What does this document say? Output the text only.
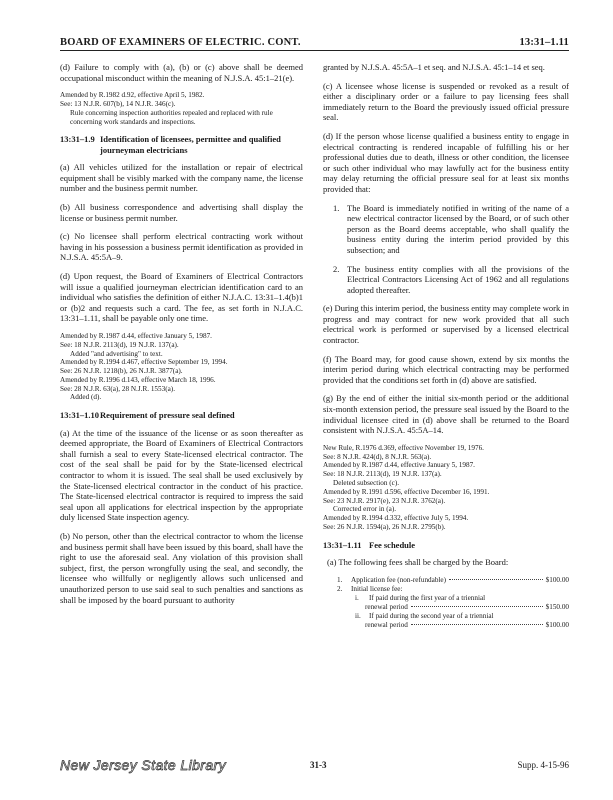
BOARD OF EXAMINERS OF ELECTRIC. CONT.	13:31–1.11

(d) Failure to comply with (a), (b) or (c) above shall be deemed occupational misconduct within the meaning of N.J.S.A. 45:1–21(e).

Amended by R.1982 d.92, effective April 5, 1982.
See: 13 N.J.R. 607(b), 14 N.J.R. 346(c).
Rule concerning inspection authorities repealed and replaced with rule concerning work standards and inspections.
13:31–1.9 Identification of licensees, permittee and qualified journeyman electricians

(a) All vehicles utilized for the installation or repair of electrical equipment shall be visibly marked with the company name, the license number and the business permit number.

(b) All business correspondence and advertising shall display the license or business permit number.

(c) No licensee shall perform electrical contracting work without having in his possession a business permit identification as provided in N.J.S.A. 45:5A–9.

(d) Upon request, the Board of Examiners of Electrical Contractors will issue a qualified journeyman electrician identification card to an individual who satisfies the definition of either N.J.A.C. 13:31–1.4(b)1 or (b)2 and requests such a card. The fee, as set forth in N.J.A.C. 13:31–1.11, shall be payable only one time.

Amended by R.1987 d.44, effective January 5, 1987.
See: 18 N.J.R. 2113(d), 19 N.J.R. 137(a).
Added "and advertising" to text.
Amended by R.1994 d.467, effective September 19, 1994.
See: 26 N.J.R. 1218(b), 26 N.J.R. 3877(a).
Amended by R.1996 d.143, effective March 18, 1996.
See: 28 N.J.R. 63(a), 28 N.J.R. 1553(a).
Added (d).
13:31–1.10 Requirement of pressure seal defined

(a) At the time of the issuance of the license or as soon thereafter as deemed appropriate, the Board of Examiners of Electrical Contractors shall furnish a seal to every State-licensed electrical contractor. The cost of the seal shall be paid for by the State-licensed electrical contractor to whom it is issued. The seal shall be used exclusively by the State-licensed electrical contractor in the conduct of his practice. The State-licensed electrical contractor is required to impress the said seal upon all applications for electrical inspection by the appropriate duly licensed State inspection agency.

(b) No person, other than the electrical contractor to whom the license and business permit shall have been issued by this board, shall have the right to use the aforesaid seal. Any violation of this provision shall subject, first, the person wrongfully using the seal, and secondly, the licensee who willfully or negligently allows such unlicensed and unauthorized person to use said seal to such penalties and sanctions as shall be imposed by the board pursuant to authority

granted by N.J.S.A. 45:5A–1 et seq. and N.J.S.A. 45:1–14 et seq.

(c) A licensee whose license is suspended or revoked as a result of either a disciplinary order or a failure to pay licensing fees shall immediately return to the Board the previously issued official pressure seal.

(d) If the person whose license qualified a business entity to engage in electrical contracting is rendered incapable of fulfilling his or her professional duties due to death, illness or other condition, the licensee or such other individual who may lawfully act for the business entity may delay returning the official pressure seal for at least six months provided that:

1. The Board is immediately notified in writing of the name of a new electrical contractor licensed by the Board, or of such other person as the Board deems acceptable, who shall qualify the business entity during the interim period provided by this subsection; and
2. The business entity complies with all the provisions of the Electrical Contractors Licensing Act of 1962 and all regulations adopted thereafter.

(e) During this interim period, the business entity may complete work in progress and may contract for new work provided that all such electrical work is performed or supervised by a licensed electrical contractor.

(f) The Board may, for good cause shown, extend by six months the interim period during which electrical contracting may be performed provided that the conditions set forth in (d) above are satisfied.

(g) By the end of either the initial six-month period or the additional six-month extension period, the pressure seal issued by the Board to the individual licensee cited in (d) above shall be returned to the Board consistent with N.J.S.A. 45:5A–14.

New Rule, R.1976 d.369, effective November 19, 1976.
See: 8 N.J.R. 424(d), 8 N.J.R. 563(a).
Amended by R.1987 d.44, effective January 5, 1987.
See: 18 N.J.R. 2113(d), 19 N.J.R. 137(a).
Deleted subsection (c).
Amended by R.1991 d.596, effective December 16, 1991.
See: 23 N.J.R. 2917(e), 23 N.J.R. 3762(a).
Corrected error in (a).
Amended by R.1994 d.332, effective July 5, 1994.
See: 26 N.J.R. 1594(a), 26 N.J.R. 2795(b).
13:31–1.11 Fee schedule

(a) The following fees shall be charged by the Board:

1.	Application fee (non-refundable)	$100.00
2.	Initial license fee:
i.	If paid during the first year of a triennial
renewal period	$150.00
ii.	If paid during the second year of a triennial
renewal period	$100.00
New Jersey State Library	31-3	Supp. 4-15-96
